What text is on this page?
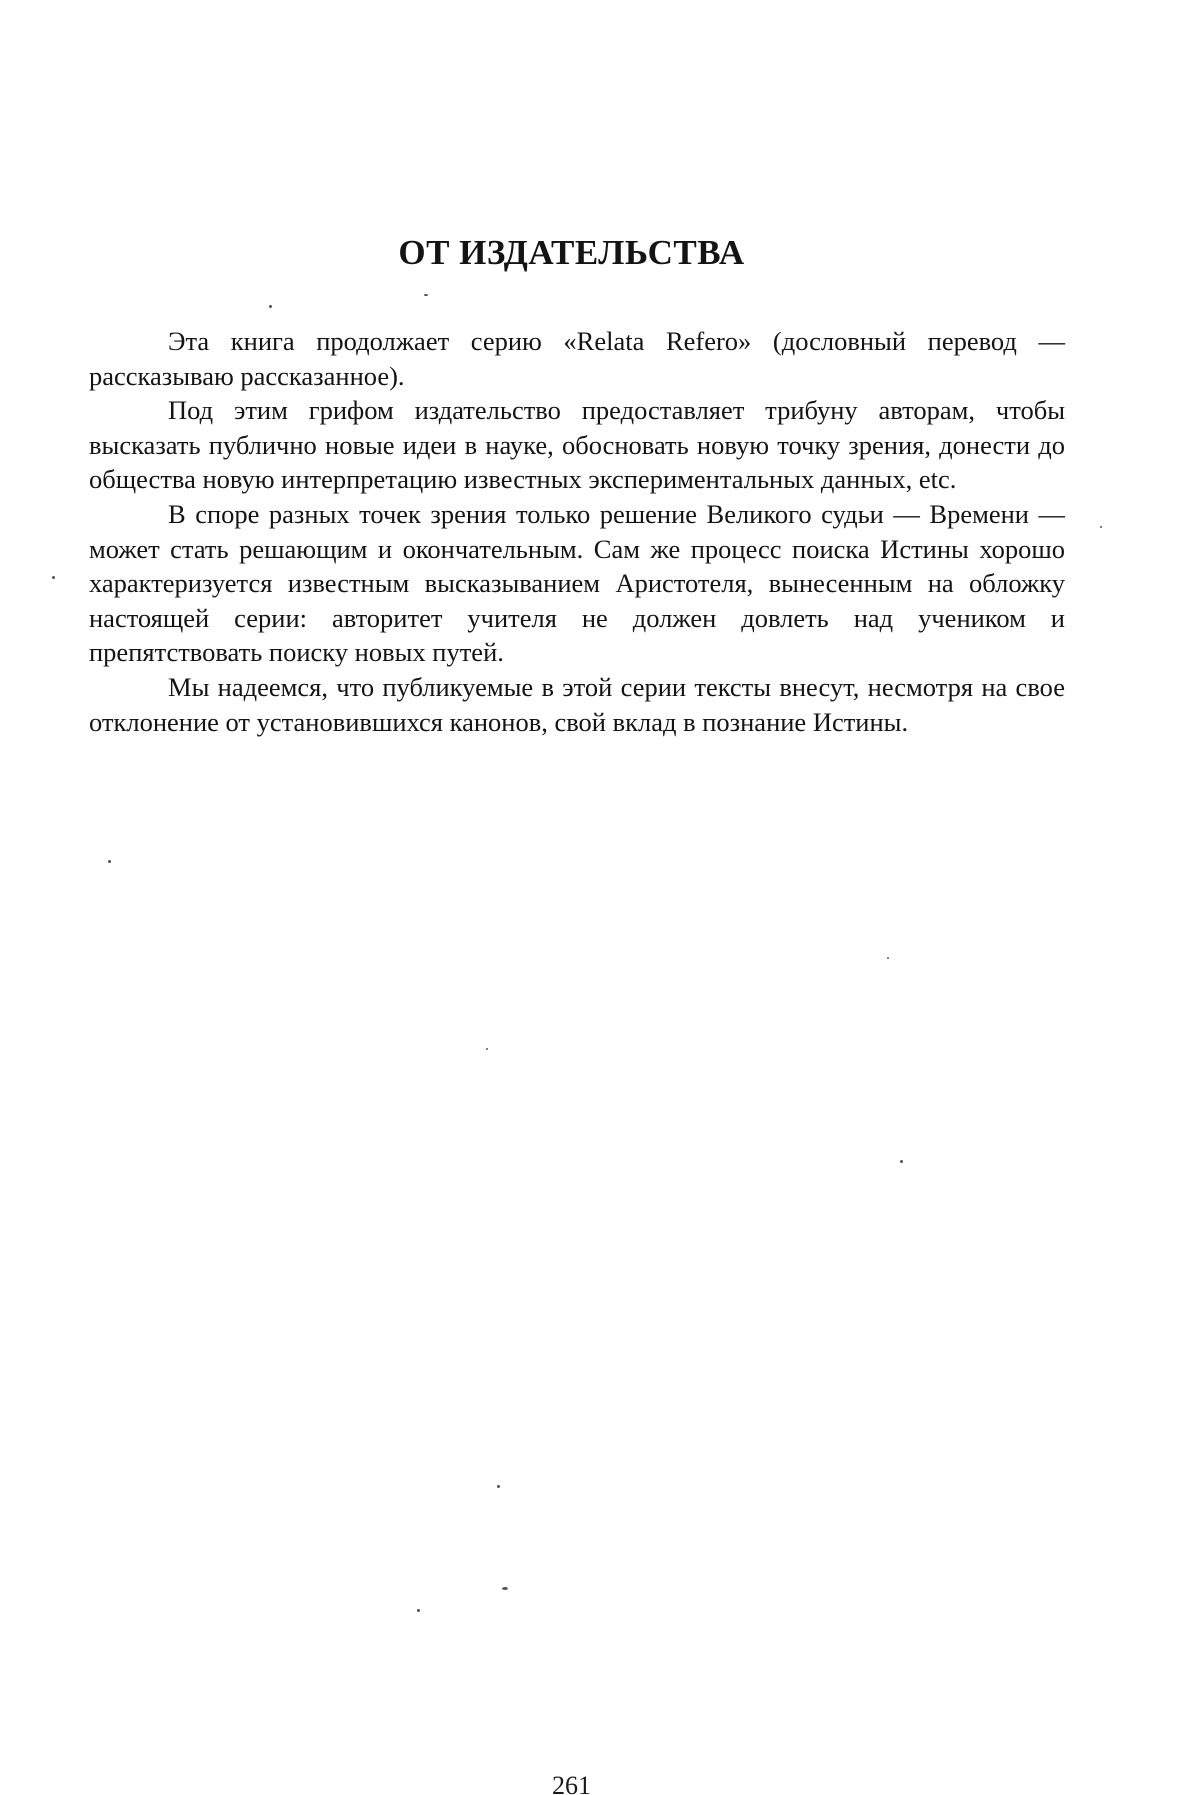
ОТ ИЗДАТЕЛЬСТВА

Эта книга продолжает серию «Relata Refero» (дословный перевод — рассказываю рассказанное).

Под этим грифом издательство предоставляет трибуну авторам, чтобы высказать публично новые идеи в науке, обосновать новую точку зрения, донести до общества новую интерпретацию известных экспериментальных данных, etc.

В споре разных точек зрения только решение Великого судьи — Времени — может стать решающим и окончательным. Сам же процесс поиска Истины хорошо характеризуется известным высказыванием Аристотеля, вынесенным на обложку настоящей серии: авторитет учителя не должен довлеть над учеником и препятствовать поиску новых путей.

Мы надеемся, что публикуемые в этой серии тексты внесут, несмотря на свое отклонение от установившихся канонов, свой вклад в познание Истины.

261
